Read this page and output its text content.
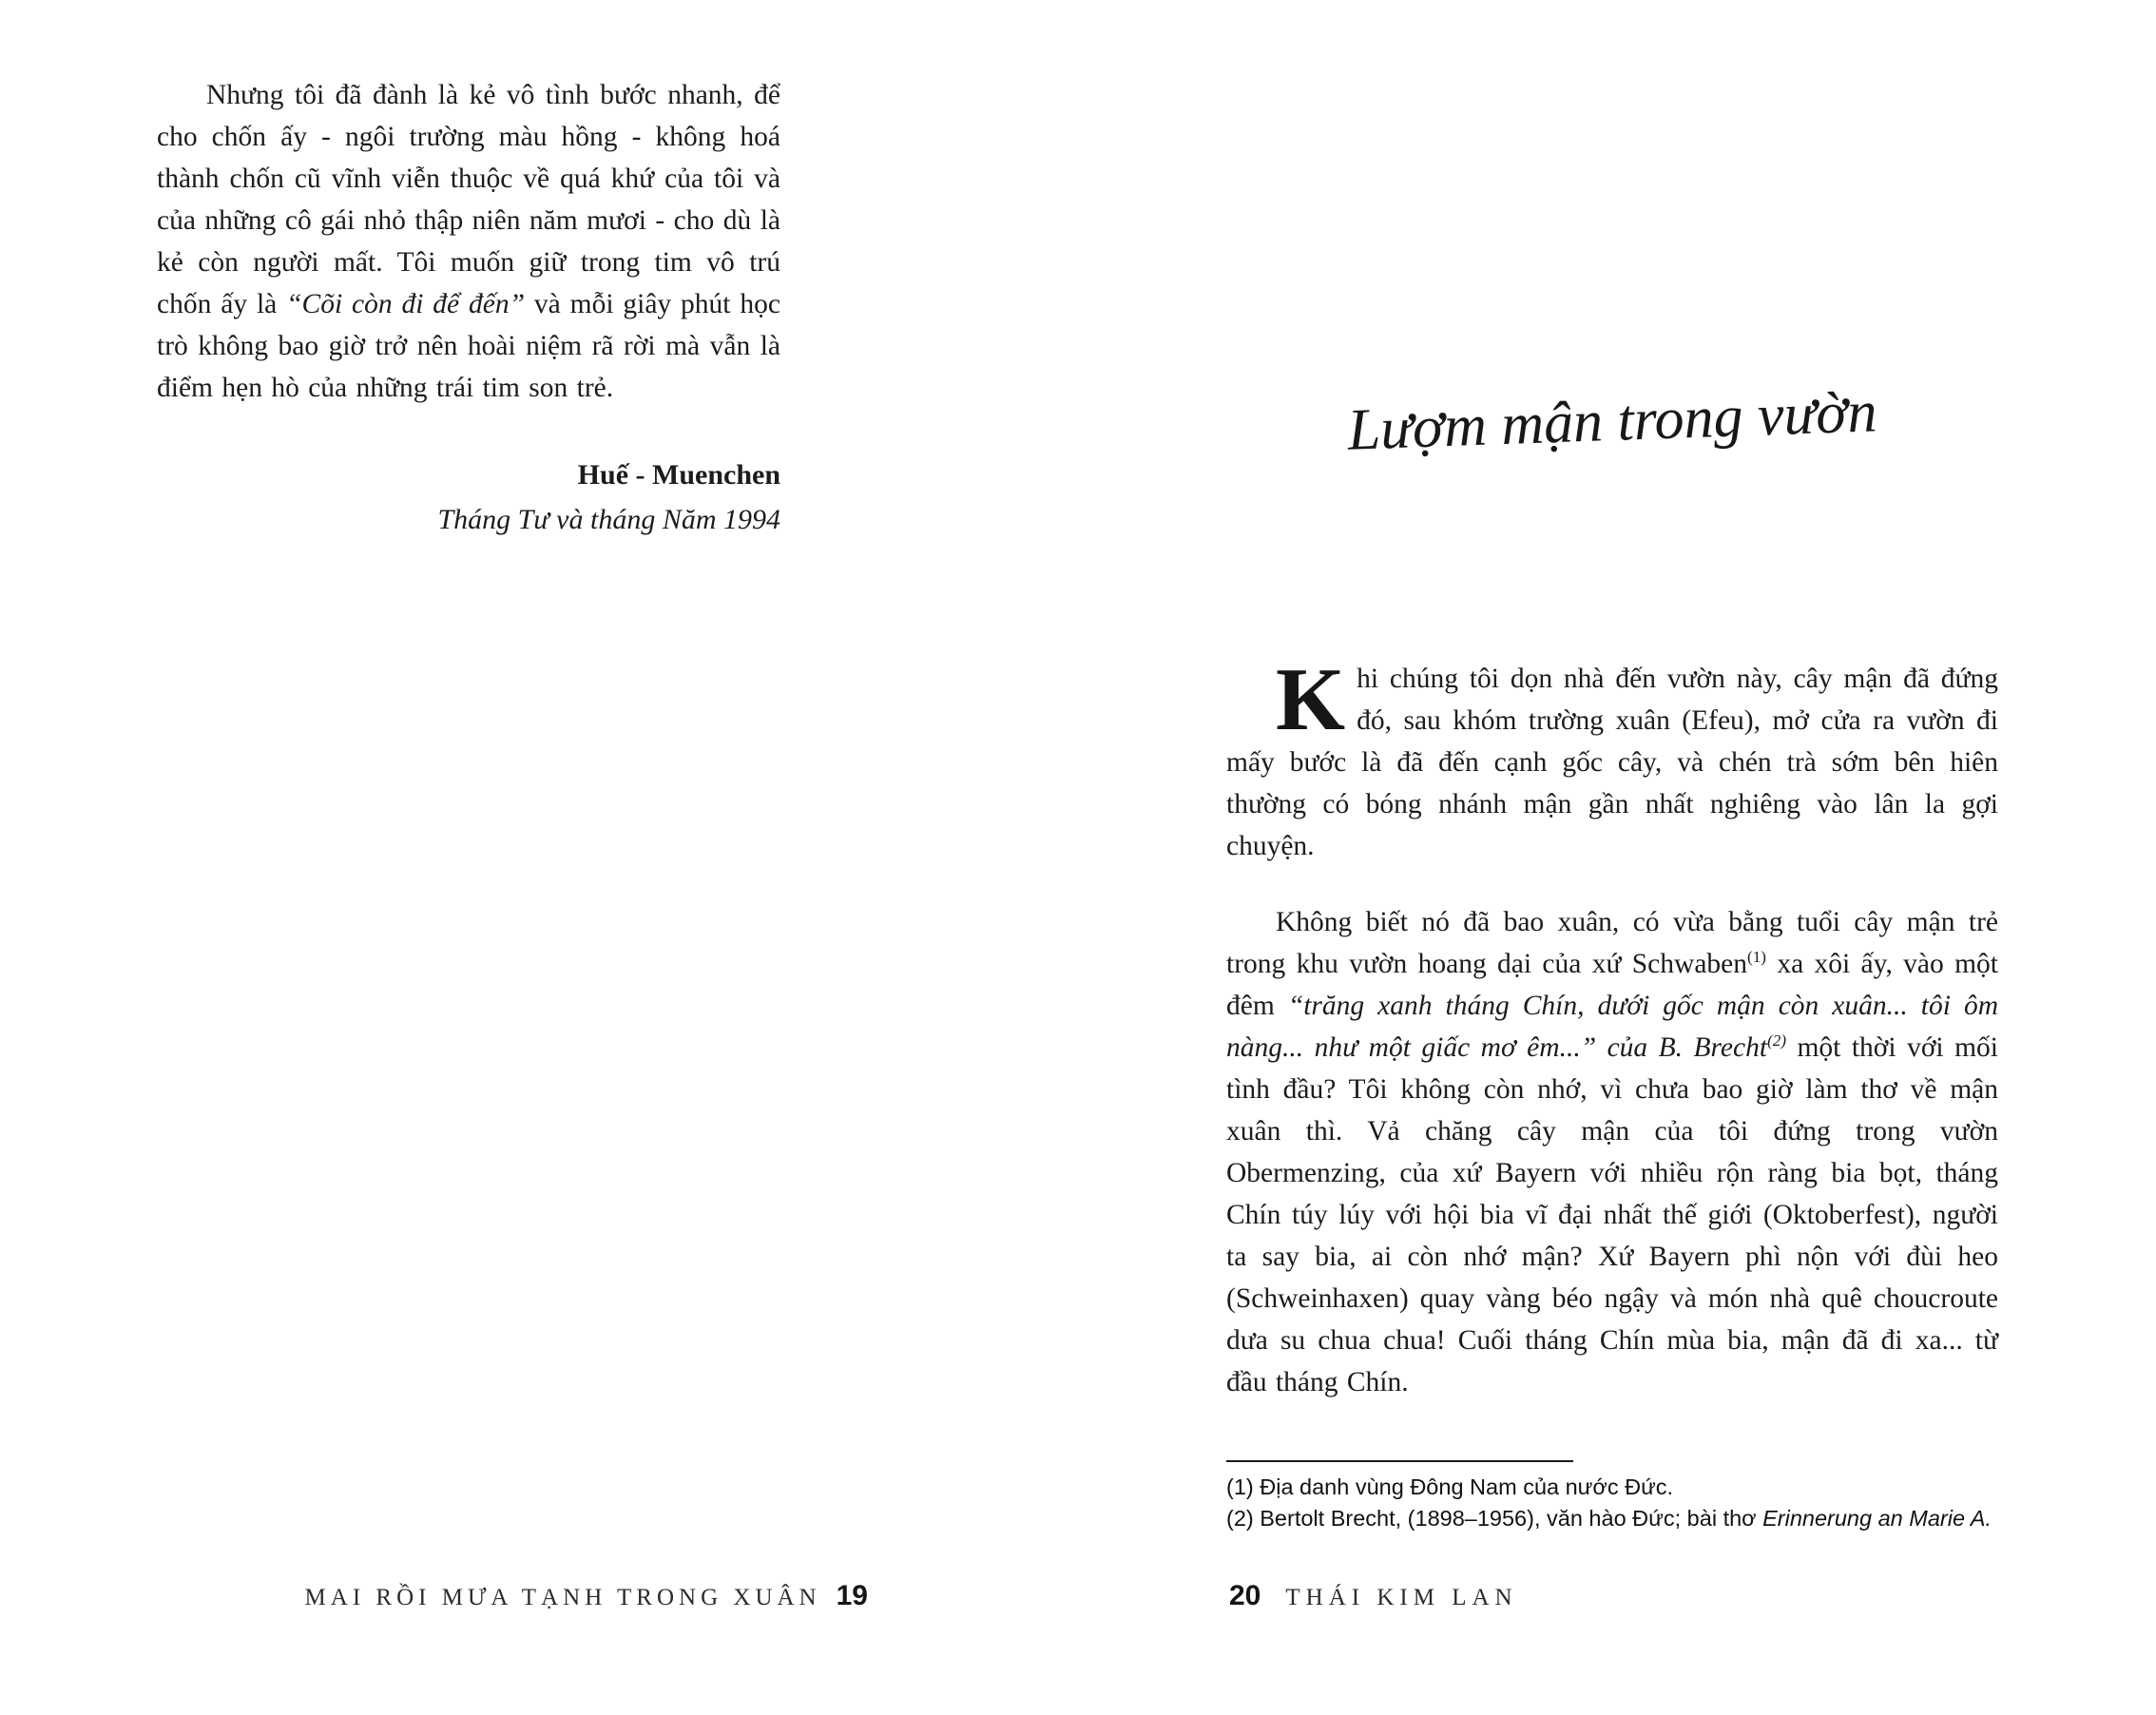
Nhưng tôi đã đành là kẻ vô tình bước nhanh, để cho chốn ấy - ngôi trường màu hồng - không hoá thành chốn cũ vĩnh viễn thuộc về quá khứ của tôi và của những cô gái nhỏ thập niên năm mươi - cho dù là kẻ còn người mất. Tôi muốn giữ trong tim vô trú chốn ấy là “Cõi còn đi để đến” và mỗi giây phút học trò không bao giờ trở nên hoài niệm rã rời mà vẫn là điểm hẹn hò của những trái tim son trẻ.

Huế - Muenchen
Tháng Tư và tháng Năm 1994
MAI RỒI MƯA TẠNH TRONG XUÂN 19
Lượm mận trong vườn

Khi chúng tôi dọn nhà đến vườn này, cây mận đã đứng đó, sau khóm trường xuân (Efeu), mở cửa ra vườn đi mấy bước là đã đến cạnh gốc cây, và chén trà sớm bên hiên thường có bóng nhánh mận gần nhất nghiêng vào lân la gợi chuyện.

Không biết nó đã bao xuân, có vừa bằng tuổi cây mận trẻ trong khu vườn hoang dại của xứ Schwaben$^{(1)}$ xa xôi ấy, vào một đêm “trăng xanh tháng Chín, dưới gốc mận còn xuân... tôi ôm nàng... như một giấc mơ êm...” của B. Brecht$^{(2)}$ một thời với mối tình đầu? Tôi không còn nhớ, vì chưa bao giờ làm thơ về mận xuân thì. Vả chăng cây mận của tôi đứng trong vườn Obermenzing, của xứ Bayern với nhiều rộn ràng bia bọt, tháng Chín túy lúy với hội bia vĩ đại nhất thế giới (Oktoberfest), người ta say bia, ai còn nhớ mận? Xứ Bayern phì nộn với đùi heo (Schweinhaxen) quay vàng béo ngậy và món nhà quê choucroute dưa su chua chua! Cuối tháng Chín mùa bia, mận đã đi xa... từ đầu tháng Chín.

(1) Địa danh vùng Đông Nam của nước Đức.
(2) Bertolt Brecht, (1898–1956), văn hào Đức; bài thơ Erinnerung an Marie A.
20 THÁI KIM LAN
